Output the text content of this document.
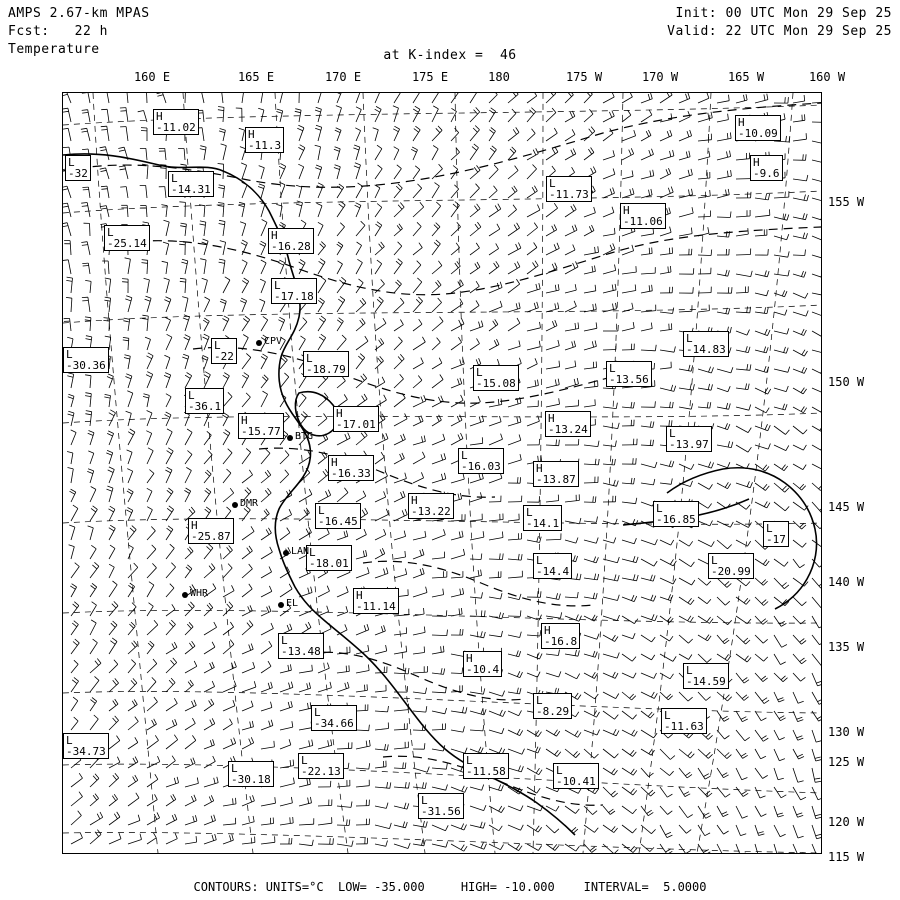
AMPS 2.67-km MPAS
Fcst:   22 h
Temperature
Init: 00 UTC Mon 29 Sep 25
Valid: 22 UTC Mon 29 Sep 25
at K-index =  46
160 E	165 E	170 E	175 E	180	175 W	170 W	165 W	160 W
155 W
150 W
145 W
140 W
135 W
130 W
125 W
120 W
115 W
H
-11.02
H
-11.3
H
-10.09
H
-9.6
L
-32	L
-14.31	L
-11.73
H
-11.06
L
-25.14
H
-16.28
L
-17.18
L
-22	L
-18.79
L
-30.36
L
-14.83
L
-15.08
L
-13.56
L
-36.1
H
-15.77
H
-17.01	H
-13.24	L
-13.97
H
-16.33
L
-16.03	H
-13.87
L
-16.45
H
-13.22	L
-14.1
L
-16.85
L
-17
H
-25.87
L
-18.01	L
-14.4
L
-20.99
H
-11.14
H
-16.8
L
-13.48
H
-10.4	L
-14.59
L
-8.29
L
-34.66
L
-11.63
L
-34.73
L
-11.58	L
-10.41
L
-30.18
L
-22.13
L
-31.56
CPV
BTG
DMR
LAN
WHR
EL
CONTOURS: UNITS=°C  LOW= -35.000     HIGH= -10.000    INTERVAL=  5.0000
